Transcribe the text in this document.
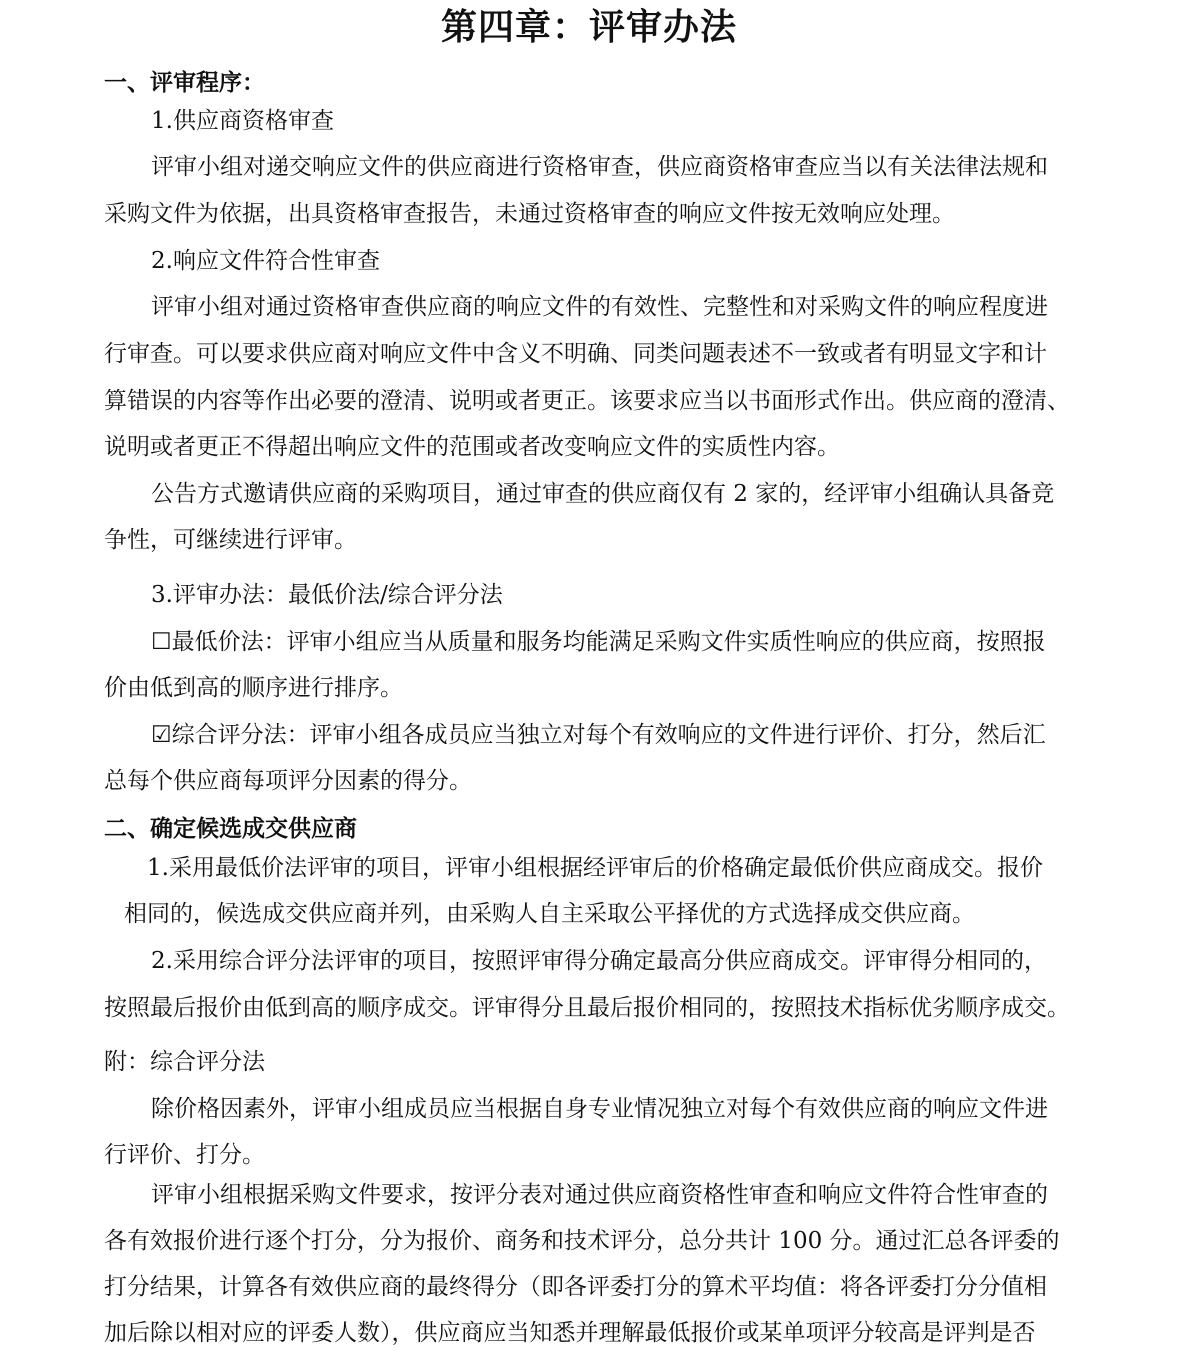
第四章：评审办法
一、评审程序：
1.供应商资格审查
评审小组对递交响应文件的供应商进行资格审查，供应商资格审查应当以有关法律法规和
采购文件为依据，出具资格审查报告，未通过资格审查的响应文件按无效响应处理。
2.响应文件符合性审查
评审小组对通过资格审查供应商的响应文件的有效性、完整性和对采购文件的响应程度进
行审查。可以要求供应商对响应文件中含义不明确、同类问题表述不一致或者有明显文字和计
算错误的内容等作出必要的澄清、说明或者更正。该要求应当以书面形式作出。供应商的澄清、
说明或者更正不得超出响应文件的范围或者改变响应文件的实质性内容。
公告方式邀请供应商的采购项目，通过审查的供应商仅有 2 家的，经评审小组确认具备竞
争性，可继续进行评审。
3.评审办法：最低价法/综合评分法
☐最低价法：评审小组应当从质量和服务均能满足采购文件实质性响应的供应商，按照报
价由低到高的顺序进行排序。
☑综合评分法：评审小组各成员应当独立对每个有效响应的文件进行评价、打分，然后汇
总每个供应商每项评分因素的得分。
二、确定候选成交供应商
1.采用最低价法评审的项目，评审小组根据经评审后的价格确定最低价供应商成交。报价
相同的，候选成交供应商并列，由采购人自主采取公平择优的方式选择成交供应商。
2.采用综合评分法评审的项目，按照评审得分确定最高分供应商成交。评审得分相同的，
按照最后报价由低到高的顺序成交。评审得分且最后报价相同的，按照技术指标优劣顺序成交。
附：综合评分法
除价格因素外，评审小组成员应当根据自身专业情况独立对每个有效供应商的响应文件进
行评价、打分。
评审小组根据采购文件要求，按评分表对通过供应商资格性审查和响应文件符合性审查的
各有效报价进行逐个打分，分为报价、商务和技术评分，总分共计 100 分。通过汇总各评委的
打分结果，计算各有效供应商的最终得分（即各评委打分的算术平均值：将各评委打分分值相
加后除以相对应的评委人数），供应商应当知悉并理解最低报价或某单项评分较高是评判是否
